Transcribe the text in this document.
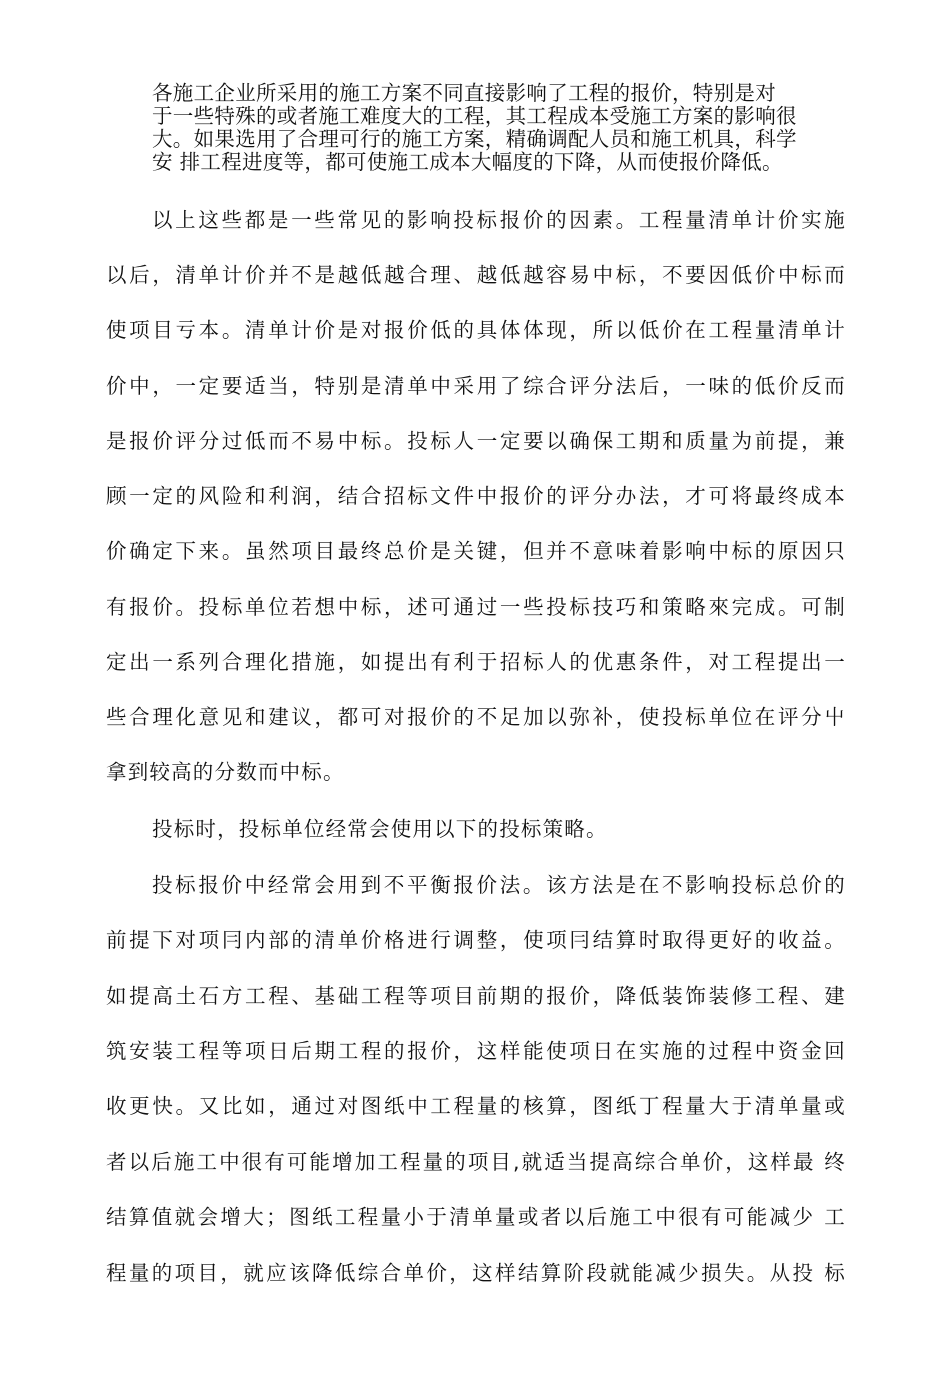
各施工企业所采用的施工方案不同直接影响了工程的报价，特别是对
于一些特殊的或者施工难度大的工程，其工程成本受施工方案的影响很
大。如果选用了合理可行的施工方案，精确调配人员和施工机具，科学
安 排工程进度等，都可使施工成本大幅度的下降，从而使报价降低。
以上这些都是一些常见的影响投标报价的因素。工程量清单计价实施
以后，清单计价并不是越低越合理、越低越容易中标，不要因低价中标而
使项目亏本。清单计价是对报价低的具体体现，所以低价在工程量清单计
价中，一定要适当，特别是清单中采用了综合评分法后，一味的低价反而
是报价评分过低而不易中标。投标人一定要以确保工期和质量为前提，兼
顾一定的风险和利润，结合招标文件中报价的评分办法，才可将最终成本
价确定下来。虽然项目最终总价是关键，但并不意味着影响中标的原因只
有报价。投标单位若想中标，述可通过一些投标技巧和策略來完成。可制
定出一系列合理化措施，如提出有利于招标人的优惠条件，对工程提出一
些合理化意见和建议，都可对报价的不足加以弥补，使投标单位在评分屮
拿到较高的分数而中标。
投标时，投标单位经常会使用以下的投标策略。
投标报价中经常会用到不平衡报价法。该方法是在不影响投标总价的
前提下对项冃内部的清单价格进行调整，使项冃结算时取得更好的收益。
如提高土石方工程、基础工程等项目前期的报价，降低装饰装修工程、建
筑安装工程等项日后期工程的报价，这样能使项日在实施的过程中资金回
收更快。又比如，通过对图纸中工程量的核算，图纸丁程量大于清单量或
者以后施工中很有可能增加工程量的项目,就适当提高综合单价，这样最 终
结算值就会增大；图纸工程量小于清单量或者以后施工中很有可能减少 工
程量的项目，就应该降低综合单价，这样结算阶段就能减少损失。从投 标
